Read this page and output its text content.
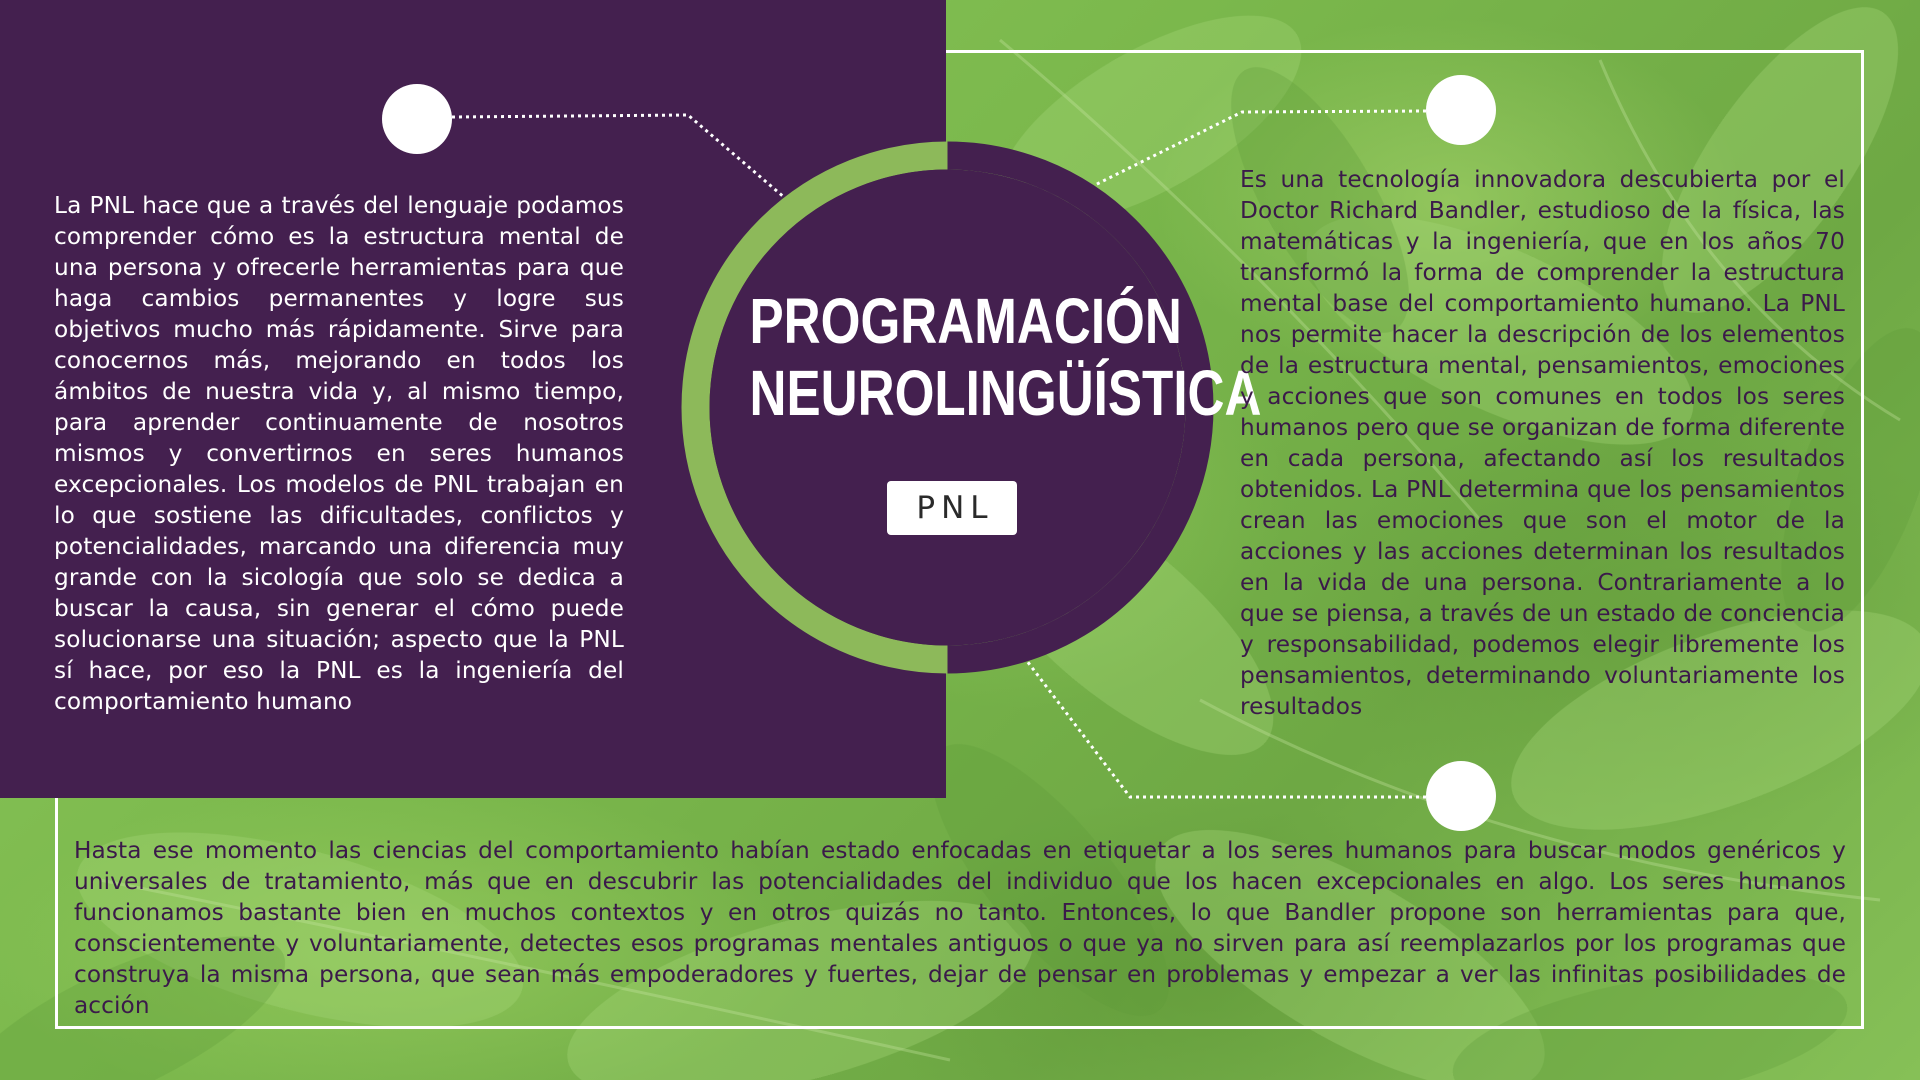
PROGRAMACIÓN
NEUROLINGÜÍSTICA
PNL

La PNL hace que a través del lenguaje podamos comprender cómo es la estructura mental de una persona y ofrecerle herramientas para que haga cambios permanentes y logre sus objetivos mucho más rápidamente. Sirve para conocernos más, mejorando en todos los ámbitos de nuestra vida y, al mismo tiempo, para aprender continuamente de nosotros mismos y convertirnos en seres humanos excepcionales. Los modelos de PNL trabajan en lo que sostiene las dificultades, conflictos y potencialidades, marcando una diferencia muy grande con la sicología que solo se dedica a buscar la causa, sin generar el cómo puede solucionarse una situación; aspecto que la PNL sí hace, por eso la PNL es la ingeniería del comportamiento humano

Es una tecnología innovadora descubierta por el Doctor Richard Bandler, estudioso de la física, las matemáticas y la ingeniería, que en los años 70 transformó la forma de comprender la estructura mental base del comportamiento humano. La PNL nos permite hacer la descripción de los elementos de la estructura mental, pensamientos, emociones y acciones que son comunes en todos los seres humanos pero que se organizan de forma diferente en cada persona, afectando así los resultados obtenidos. La PNL determina que los pensamientos crean las emociones que son el motor de la acciones y las acciones determinan los resultados en la vida de una persona. Contrariamente a lo que se piensa, a través de un estado de conciencia y responsabilidad, podemos elegir libremente los pensamientos, determinando voluntariamente los resultados

Hasta ese momento las ciencias del comportamiento habían estado enfocadas en etiquetar a los seres humanos para buscar modos genéricos y universales de tratamiento, más que en descubrir las potencialidades del individuo que los hacen excepcionales en algo. Los seres humanos funcionamos bastante bien en muchos contextos y en otros quizás no tanto. Entonces, lo que Bandler propone son herramientas para que, conscientemente y voluntariamente, detectes esos programas mentales antiguos o que ya no sirven para así reemplazarlos por los programas que construya la misma persona, que sean más empoderadores y fuertes, dejar de pensar en problemas y empezar a ver las infinitas posibilidades de acción
